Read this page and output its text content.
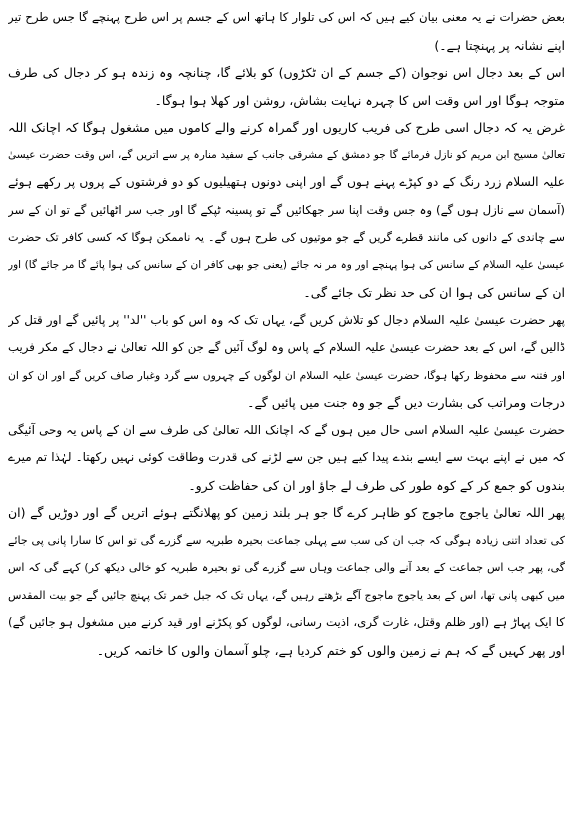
بعض حضرات نے یہ معنی بیان کیے ہیں کہ اس کی تلوار کا ہاتھ اس کے جسم پر اس طرح پہنچے گا جس طرح تیر
اپنے نشانہ پر پہنچتا ہے۔)
اس کے بعد دجال اس نوجوان (کے جسم کے ان ٹکڑوں) کو بلائے گا، چنانچہ وہ زندہ ہو کر دجال کی طرف
متوجہ ہوگا اور اس وقت اس کا چہرہ نہایت بشاش، روشن اور کھلا ہوا ہوگا۔
غرض یہ کہ دجال اسی طرح کی فریب کاریوں اور گمراہ کرنے والے کاموں میں مشغول ہوگا کہ اچانک اللہ
تعالیٰ مسیح ابن مریم کو نازل فرمائے گا جو دمشق کے مشرقی جانب کے سفید منارہ پر سے اتریں گے، اس وقت حضرت عیسیٰ
علیہ السلام زرد رنگ کے دو کپڑے پہنے ہوں گے اور اپنی دونوں ہتھیلیوں کو دو فرشتوں کے پروں پر رکھے ہوئے
(آسمان سے نازل ہوں گے) وہ جس وقت اپنا سر جھکائیں گے تو پسینہ ٹپکے گا اور جب سر اٹھائیں گے تو ان کے سر
سے چاندی کے دانوں کی مانند قطرے گریں گے جو موتیوں کی طرح ہوں گے۔ یہ ناممکن ہوگا کہ کسی کافر تک حضرت
عیسیٰ علیہ السلام کے سانس کی ہوا پہنچے اور وہ مر نہ جائے (یعنی جو بھی کافر ان کے سانس کی ہوا پائے گا مر جائے گا) اور
ان کے سانس کی ہوا ان کی حد نظر تک جائے گی۔
پھر حضرت عیسیٰ علیہ السلام دجال کو تلاش کریں گے، یہاں تک کہ وہ اس کو باب ''لد'' پر پائیں گے اور قتل کر
ڈالیں گے، اس کے بعد حضرت عیسیٰ علیہ السلام کے پاس وہ لوگ آئیں گے جن کو اللہ تعالیٰ نے دجال کے مکر فریب
اور فتنہ سے محفوظ رکھا ہوگا، حضرت عیسیٰ علیہ السلام ان لوگوں کے چہروں سے گرد وغبار صاف کریں گے اور ان کو ان
درجات ومراتب کی بشارت دیں گے جو وہ جنت میں پائیں گے۔
حضرت عیسیٰ علیہ السلام اسی حال میں ہوں گے کہ اچانک اللہ تعالیٰ کی طرف سے ان کے پاس یہ وحی آئیگی
کہ میں نے اپنے بہت سے ایسے بندے پیدا کیے ہیں جن سے لڑنے کی قدرت وطاقت کوئی نہیں رکھتا۔ لہٰذا تم میرے
بندوں کو جمع کر کے کوہ طور کی طرف لے جاؤ اور ان کی حفاظت کرو۔
پھر اللہ تعالیٰ یاجوج ماجوج کو ظاہر کرے گا جو ہر بلند زمین کو پھلانگتے ہوئے اتریں گے اور دوڑیں گے (ان
کی تعداد اتنی زیادہ ہوگی کہ جب ان کی سب سے پہلی جماعت بحیرہ طبریہ سے گزرے گی تو اس کا سارا پانی پی جائے
گی، پھر جب اس جماعت کے بعد آنے والی جماعت وہاں سے گزرے گی تو بحیرہ طبریہ کو خالی دیکھ کر) کہے گی کہ اس
میں کبھی پانی تھا، اس کے بعد یاجوج ماجوج آگے بڑھتے رہیں گے، یہاں تک کہ جبل خمر تک پہنچ جائیں گے جو بیت المقدس
کا ایک پہاڑ ہے (اور ظلم وقتل، غارت گری، اذیت رسانی، لوگوں کو پکڑنے اور قید کرنے میں مشغول ہو جائیں گے)
اور پھر کہیں گے کہ ہم نے زمین والوں کو ختم کردیا ہے، چلو آسمان والوں کا خاتمہ کریں۔
